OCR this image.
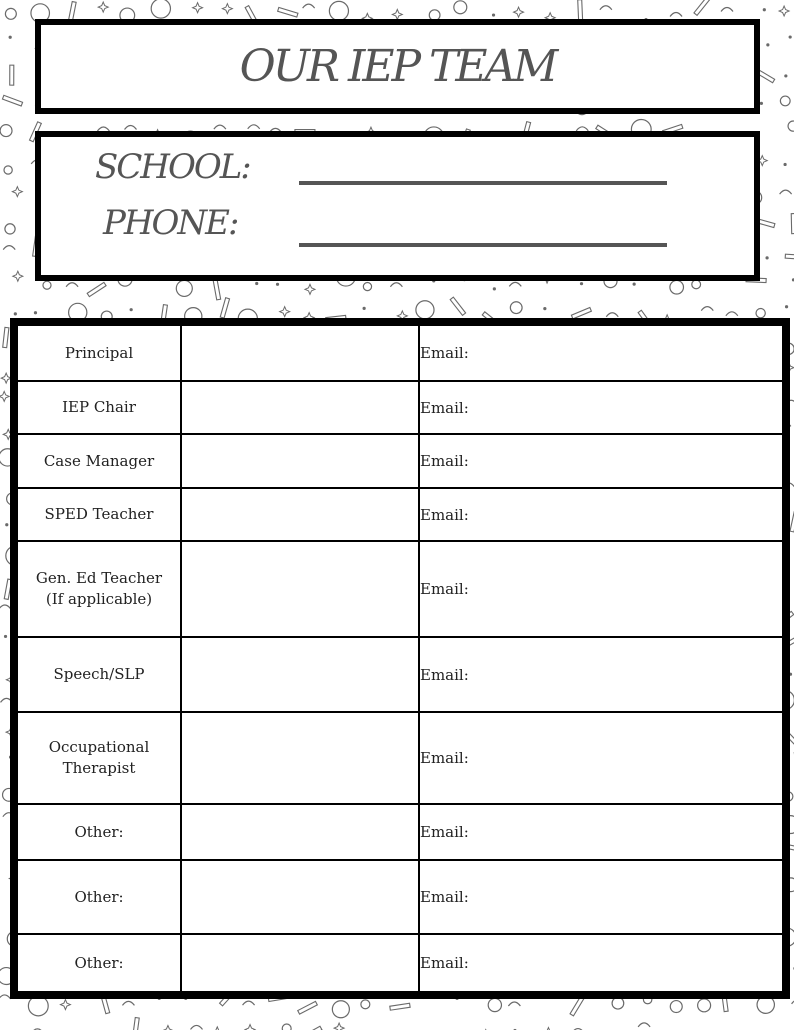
OUR IEP TEAM
SCHOOL:
PHONE:
Principal		Email:
IEP Chair		Email:
Case Manager		Email:
SPED Teacher		Email:
Gen. Ed Teacher
(If applicable)		Email:
Speech/SLP		Email:
Occupational
Therapist		Email:
Other:		Email:
Other:		Email:
Other:		Email:
